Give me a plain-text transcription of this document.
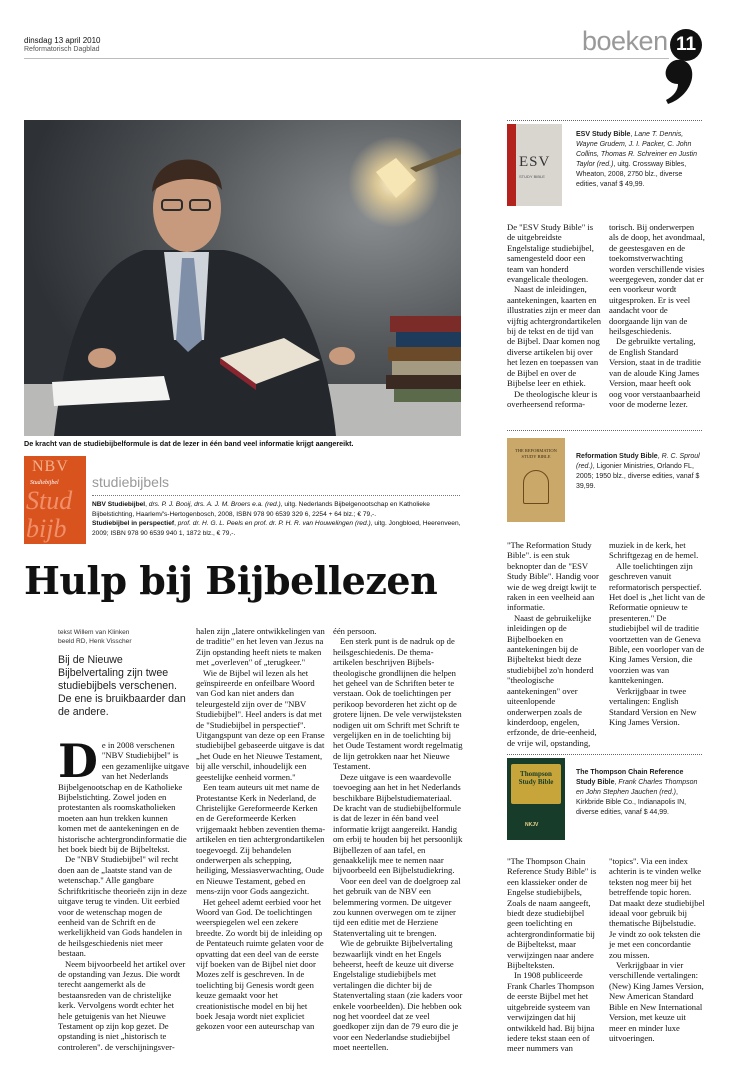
dinsdag 13 april 2010
Reformatorisch Dagblad	boeken 11
De kracht van de studiebijbelformule is dat de lezer in één band veel informatie krijgt aangereikt.
ESV
STUDY BIBLE
ESV Study Bible, Lane T. Dennis, Wayne Grudem, J. I. Packer, C. John Collins, Thomas R. Schreiner en Justin Taylor (red.), uitg. Crossway Bibles, Wheaton, 2008, 2750 blz., diverse edities, vanaf $ 49,99.

De "ESV Study Bible" is de uitgebreidste Engelstalige studiebijbel, samengesteld door een team van honderd evangelicale theologen.

Naast de inleidingen, aantekeningen, kaarten en illustraties zijn er meer dan vijftig achtergrondartikelen bij de tekst en de tijd van de Bijbel. Daar komen nog diverse artikelen bij over het lezen en toepassen van de Bijbel en over de Bijbelse leer en ethiek.

De theologische kleur is overheersend reforma-

torisch. Bij onderwerpen als de doop, het avondmaal, de geestesgaven en de toekomstverwachting worden verschillende visies weergegeven, zonder dat er een voorkeur wordt uitgesproken. Er is veel aandacht voor de doorgaande lijn van de heilsgeschiedenis.

De gebruikte vertaling, de English Standard Version, staat in de traditie van de aloude King James Version, maar heeft ook oog voor verstaanbaarheid voor de moderne lezer.

THE REFORMATION STUDY BIBLE	Reformation Study Bible, R. C. Sproul (red.), Ligonier Ministries, Orlando FL, 2005; 1950 blz., diverse edities, vanaf $ 39,99.

"The Reformation Study Bible". is een stuk beknopter dan de "ESV Study Bible". Handig voor wie de weg dreigt kwijt te raken in een veelheid aan informatie.

Naast de gebruikelijke inleidingen op de Bijbelboeken en aantekeningen bij de Bijbeltekst biedt deze studiebijbel zo'n honderd "theologische aantekeningen" over uiteenlopende onderwerpen zoals de kinderdoop, engelen, erfzonde, de drie-eenheid, de vrije wil, opstanding,

muziek in de kerk, het Schriftgezag en de hemel.

Alle toelichtingen zijn geschreven vanuit reformatorisch perspectief. Het doel is „het licht van de Reformatie opnieuw te presenteren." De studiebijbel wil de traditie voortzetten van de Geneva Bible, een voorloper van de King James Version, die voorzien was van kanttekeningen.

Verkrijgbaar in twee vertalingen: English Standard Version en New King James Version.

Thompson Study Bible
NKJV
The Thompson Chain Reference Study Bible, Frank Charles Thompson en John Stephen Jauchen (red.), Kirkbride Bible Co., Indianapolis IN, diverse edities, vanaf $ 44,99.

"The Thompson Chain Reference Study Bible" is een klassieker onder de Engelse studiebijbels, Zoals de naam aangeeft, biedt deze studiebijbel geen toelichting en achtergrondinformatie bij de Bijbeltekst, maar verwijzingen naar andere Bijbelteksten.

In 1908 publiceerde Frank Charles Thompson de eerste Bijbel met het uitgebreide systeem van verwijzingen dat hij ontwikkeld had. Bij bijna iedere tekst staan een of meer nummers van

"topics". Via een index achterin is te vinden welke teksten nog meer bij het betreffende topic horen. Dat maakt deze studiebijbel ideaal voor gebruik bij thematische Bijbelstudie. Je vindt zo ook teksten die je met een concordantie zou missen.

Verkrijgbaar in vier verschillende vertalingen: (New) King James Version, New American Standard Bible en New International Version, met keuze uit meer en minder luxe uitvoeringen.

NBV
Studiebijbel
Stud
bijb
studiebijbels
NBV Studiebijbel, drs. P. J. Booij, drs. A. J. M. Broers e.a. (red.), uitg. Nederlands Bijbelgenootschap en Katholieke Bijbelstichting, Haarlem/'s-Hertogenbosch, 2008, ISBN 978 90 6539 329 6, 2254 + 64 blz.; € 79,-.
Studiebijbel in perspectief, prof. dr. H. G. L. Peels en prof. dr. P. H. R. van Houwelingen (red.), uitg. Jongbloed, Heerenveen, 2009; ISBN 978 90 6539 940 1, 1872 blz., € 79,-.
Hulp bij Bijbellezen
tekst Willem van Klinken
beeld RD, Henk Visscher
Bij de Nieuwe Bijbelvertaling zijn twee studiebijbels verschenen. De ene is bruikbaarder dan de andere.

De in 2008 verschenen "NBV Studiebijbel" is een gezamenlijke uitgave van het Nederlands Bijbelgenootschap en de Katholieke Bijbelstichting. Zowel joden en protestanten als roomskatholieken moeten aan hun trekken kunnen komen met de aantekeningen en de historische achtergrondinformatie die het boek biedt bij de Bijbeltekst.

De "NBV Studiebijbel" wil recht doen aan de „laatste stand van de wetenschap." Alle gangbare Schriftkritische theorieën zijn in deze uitgave terug te vinden. Uit eerbied voor de wetenschap mogen de eenheid van de Schrift en de werkelijkheid van Gods handelen in de heilsgeschiedenis niet meer bestaan.

Neem bijvoorbeeld het artikel over de opstanding van Jezus. Die wordt terecht aangemerkt als de bestaansreden van de christelijke kerk. Vervolgens wordt echter het hele getuigenis van het Nieuwe Testament op zijn kop gezet. De opstanding is niet „historisch te controleren". de verschijningsver-

halen zijn „latere ontwikkelingen van de traditie" en het leven van Jezus na Zijn opstanding heeft niets te maken met „overleven" of „terugkeer."

Wie de Bijbel wil lezen als het geïnspireerde en onfeilbare Woord van God kan niet anders dan teleurgesteld zijn over de "NBV Studiebijbel". Heel anders is dat met de "Studiebijbel in perspectief". Uitgangspunt van deze op een Franse studiebijbel gebaseerde uitgave is dat „het Oude en het Nieuwe Testament, bij alle verschil, inhoudelijk een geestelijke eenheid vormen."

Een team auteurs uit met name de Protestantse Kerk in Nederland, de Christelijke Gereformeerde Kerken en de Gereformeerde Kerken vrijgemaakt hebben zeventien thema-artikelen en tien achtergrondartikelen toegevoegd. Zij behandelen onderwerpen als schepping, heiliging, Messiasverwachting, Oude en Nieuwe Testament, gebed en mens-zijn voor Gods aangezicht.

Het geheel ademt eerbied voor het Woord van God. De toelichtingen weerspiegelen wel een zekere breedte. Zo wordt bij de inleiding op de Pentateuch ruimte gelaten voor de opvatting dat een deel van de eerste vijf boeken van de Bijbel niet door Mozes zelf is geschreven. In de toelichting bij Genesis wordt geen keuze gemaakt voor het creationistische model en bij het boek Jesaja wordt niet expliciet gekozen voor een auteurschap van

één persoon.

Een sterk punt is de nadruk op de heilsgeschiedenis. De thema-artikelen beschrijven Bijbels-theologische grondlijnen die helpen het geheel van de Schriften beter te verstaan. Ook de toelichtingen per perikoop bevorderen het zicht op de grotere lijnen. De vele verwijsteksten nodigen uit om Schrift met Schrift te vergelijken en in de toelichting bij het Oude Testament wordt regelmatig de lijn getrokken naar het Nieuwe Testament.

Deze uitgave is een waardevolle toevoeging aan het in het Nederlands beschikbare Bijbelstudiemateriaal. De kracht van de studiebijbelformule is dat de lezer in één band veel informatie krijgt aangereikt. Handig om erbij te houden bij het persoonlijk Bijbellezen of aan tafel, en genaakkelijk mee te nemen naar bijvoorbeeld een Bijbelstudiekring.

Voor een deel van de doelgroep zal het gebruik van de NBV een belemmering vormen. De uitgever zou kunnen overwegen om te zijner tijd een editie met de Herziene Statenvertaling uit te brengen.

Wie de gebruikte Bijbelvertaling bezwaarlijk vindt en het Engels beheerst, heeft de keuze uit diverse Engelstalige studiebijbels met vertalingen die dichter bij de Statenvertaling staan (zie kaders voor enkele voorbeelden). Die hebben ook nog het voordeel dat ze veel goedkoper zijn dan de 79 euro die je voor een Nederlandse studiebijbel moet neertellen.
